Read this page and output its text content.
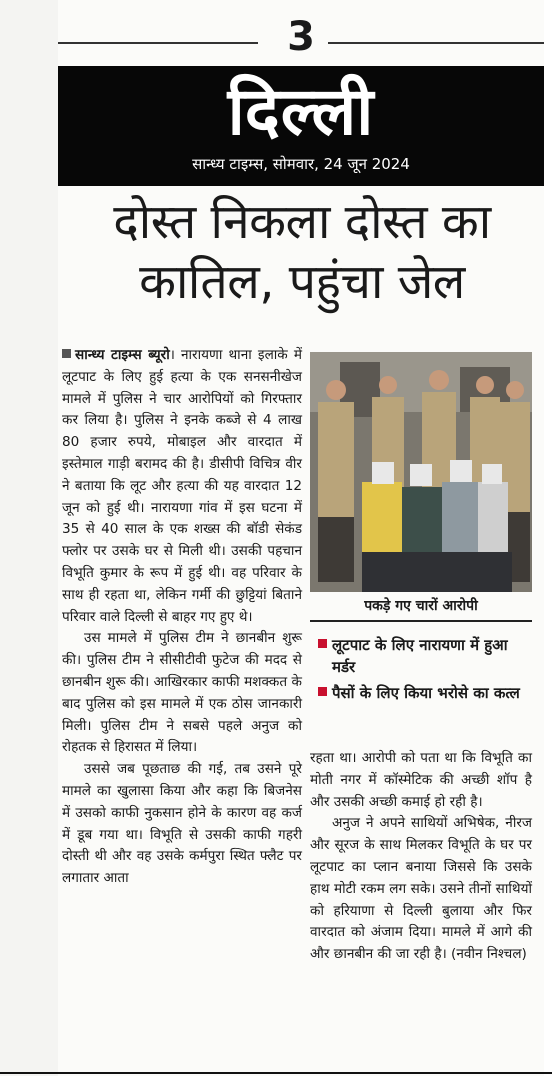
3
दिल्ली
सान्ध्य टाइम्स, सोमवार, 24 जून 2024
दोस्त निकला दोस्त का
कातिल, पहुंचा जेल

सान्ध्य टाइम्स ब्यूरो। नारायणा थाना इलाके में लूटपाट के लिए हुई हत्या के एक सनसनीखेज मामले में पुलिस ने चार आरोपियों को गिरफ्तार कर लिया है। पुलिस ने इनके कब्जे से 4 लाख 80 हजार रुपये, मोबाइल और वारदात में इस्तेमाल गाड़ी बरामद की है। डीसीपी विचित्र वीर ने बताया कि लूट और हत्या की यह वारदात 12 जून को हुई थी। नारायणा गांव में इस घटना में 35 से 40 साल के एक शख्स की बॉडी सेकंड फ्लोर पर उसके घर से मिली थी। उसकी पहचान विभूति कुमार के रूप में हुई थी। वह परिवार के साथ ही रहता था, लेकिन गर्मी की छुट्टियां बिताने परिवार वाले दिल्ली से बाहर गए हुए थे।

उस मामले में पुलिस टीम ने छानबीन शुरू की। पुलिस टीम ने सीसीटीवी फुटेज की मदद से छानबीन शुरू की। आखिरकार काफी मशक्कत के बाद पुलिस को इस मामले में एक ठोस जानकारी मिली। पुलिस टीम ने सबसे पहले अनुज को रोहतक से हिरासत में लिया।

उससे जब पूछताछ की गई, तब उसने पूरे मामले का खुलासा किया और कहा कि बिजनेस में उसको काफी नुकसान होने के कारण वह कर्ज में डूब गया था। विभूति से उसकी काफी गहरी दोस्ती थी और वह उसके कर्मपुरा स्थित फ्लैट पर लगातार आता

पकड़े गए चारों आरोपी
लूटपाट के लिए नारायणा में हुआ मर्डर
पैसों के लिए किया भरोसे का कत्ल

रहता था। आरोपी को पता था कि विभूति का मोती नगर में कॉस्मेटिक की अच्छी शॉप है और उसकी अच्छी कमाई हो रही है।

अनुज ने अपने साथियों अभिषेक, नीरज और सूरज के साथ मिलकर विभूति के घर पर लूटपाट का प्लान बनाया जिससे कि उसके हाथ मोटी रकम लग सके। उसने तीनों साथियों को हरियाणा से दिल्ली बुलाया और फिर वारदात को अंजाम दिया। मामले में आगे की और छानबीन की जा रही है। (नवीन निश्चल)
